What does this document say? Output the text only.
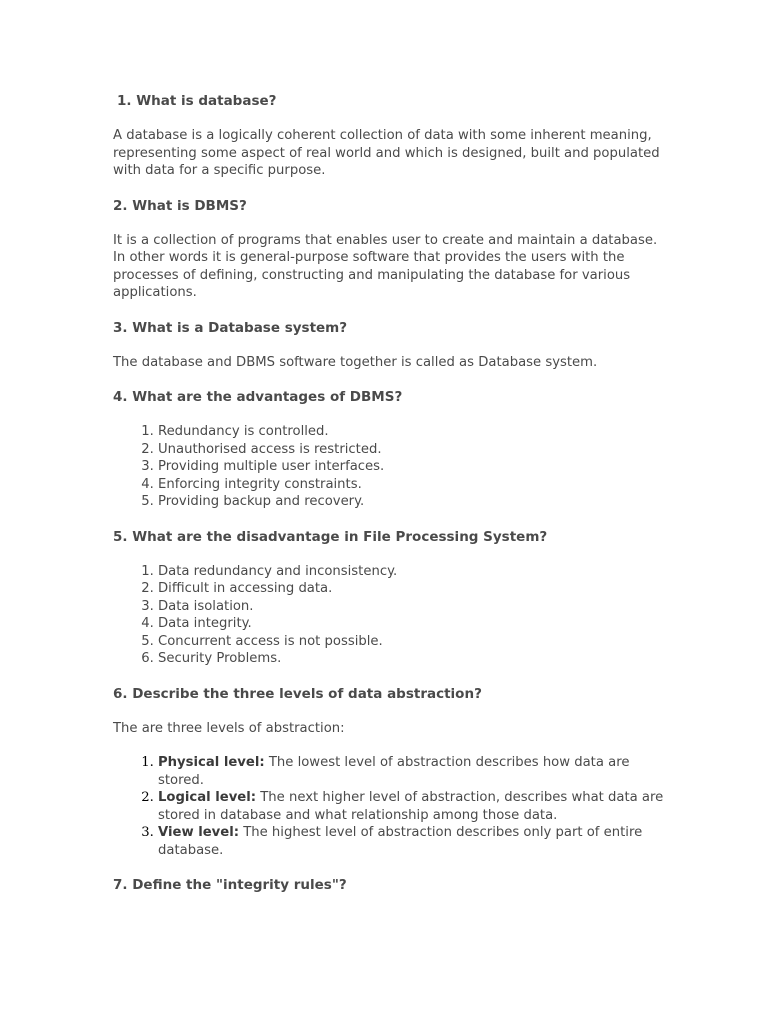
1. What is database?

A database is a logically coherent collection of data with some inherent meaning, representing some aspect of real world and which is designed, built and populated with data for a specific purpose.

2. What is DBMS?

It is a collection of programs that enables user to create and maintain a database. In other words it is general-purpose software that provides the users with the processes of defining, constructing and manipulating the database for various applications.

3. What is a Database system?

The database and DBMS software together is called as Database system.

4. What are the advantages of DBMS?
1. Redundancy is controlled.
2. Unauthorised access is restricted.
3. Providing multiple user interfaces.
4. Enforcing integrity constraints.
5. Providing backup and recovery.
5. What are the disadvantage in File Processing System?
1. Data redundancy and inconsistency.
2. Difficult in accessing data.
3. Data isolation.
4. Data integrity.
5. Concurrent access is not possible.
6. Security Problems.
6. Describe the three levels of data abstraction?

The are three levels of abstraction:

1. Physical level: The lowest level of abstraction describes how data are stored.
2. Logical level: The next higher level of abstraction, describes what data are stored in database and what relationship among those data.
3. View level: The highest level of abstraction describes only part of entire database.
7. Define the "integrity rules"?
